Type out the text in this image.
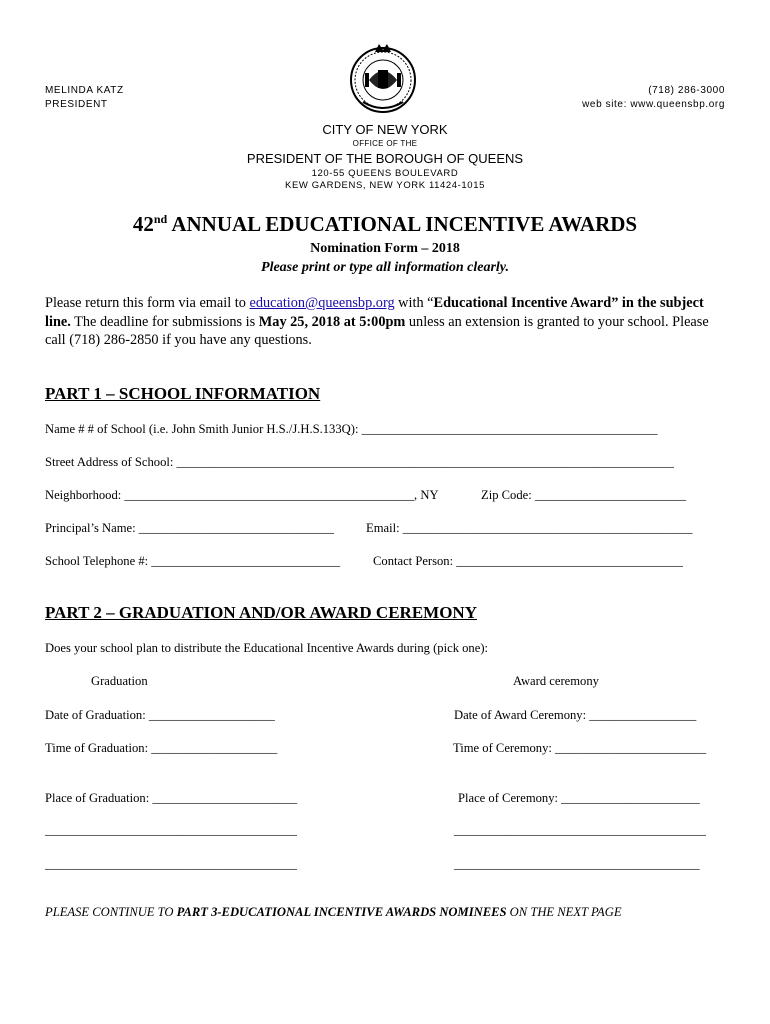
MELINDA KATZ
PRESIDENT
(718) 286-3000
web site: www.queensbp.org
CITY OF NEW YORK
OFFICE OF THE
PRESIDENT OF THE BOROUGH OF QUEENS
120-55 QUEENS BOULEVARD
KEW GARDENS, NEW YORK 11424-1015
42nd ANNUAL EDUCATIONAL INCENTIVE AWARDS
Nomination Form – 2018
Please print or type all information clearly.
Please return this form via email to education@queensbp.org with “Educational Incentive Award” in the subject line. The deadline for submissions is May 25, 2018 at 5:00pm unless an extension is granted to your school. Please call (718) 286-2850 if you have any questions.
PART 1 – SCHOOL INFORMATION
Name # # of School (i.e. John Smith Junior H.S./J.H.S.133Q): _______________________________________________
Street Address of School: _______________________________________________________________________________
Neighborhood: ______________________________________________, NY	Zip Code: ________________________
Principal’s Name: _______________________________	Email: ______________________________________________
School Telephone #: ______________________________	Contact Person: ____________________________________
PART 2 – GRADUATION AND/OR AWARD CEREMONY
Does your school plan to distribute the Educational Incentive Awards during (pick one):
Graduation	Award ceremony
Date of Graduation: ____________________	Date of Award Ceremony: _________________
Time of Graduation: ____________________	Time of Ceremony: ________________________
Place of Graduation: _______________________	Place of Ceremony: ______________________
________________________________________	________________________________________
________________________________________	_______________________________________
PLEASE CONTINUE TO PART 3-EDUCATIONAL INCENTIVE AWARDS NOMINEES ON THE NEXT PAGE
